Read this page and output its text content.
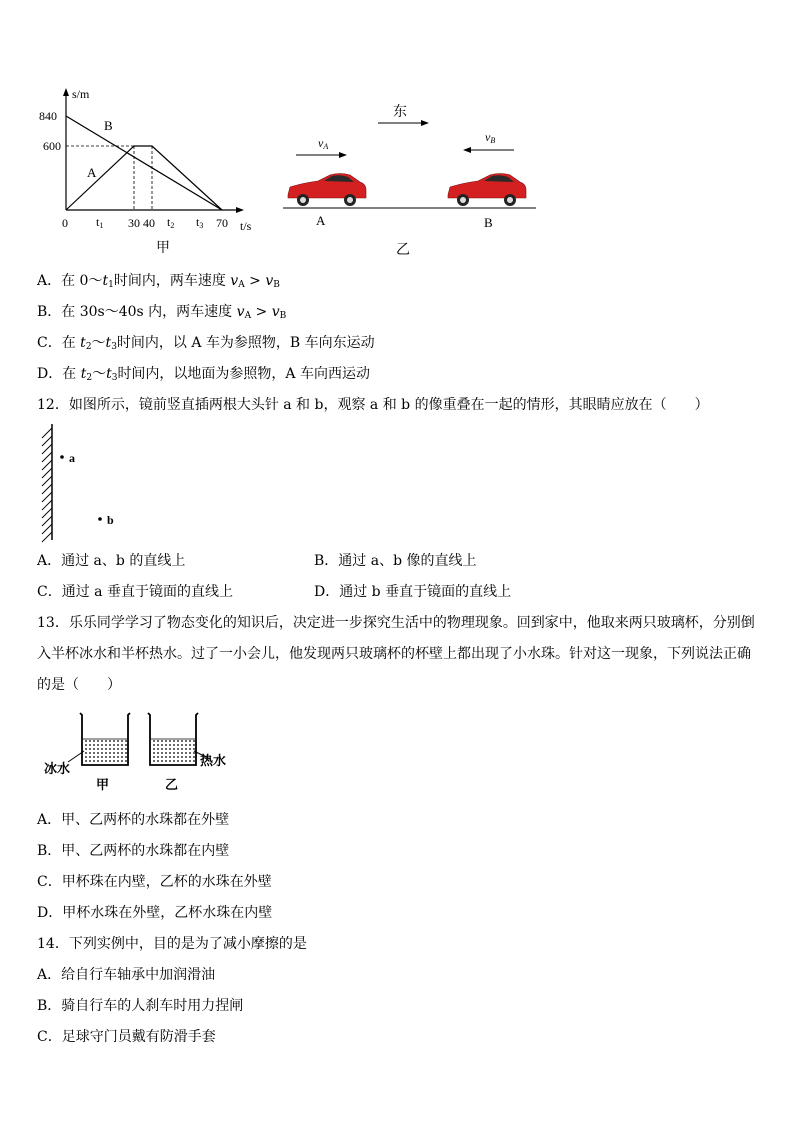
s/m
840
600
B
A
0 t1 30 40 t2 t3 70 t/s
甲
东
vA
vB
A	B
乙
A．在 $0\sim t_1$时间内，两车速度 $v_A > v_B$
B．在 30s～40s 内，两车速度 $v_A > v_B$
C．在 $t_2\sim t_3$时间内，以 A 车为参照物，B 车向东运动
D．在 $t_2\sim t_3$时间内，以地面为参照物，A 车向西运动
12．如图所示，镜前竖直插两根大头针 a 和 b，观察 a 和 b 的像重叠在一起的情形，其眼睛应放在（　　）
a
b
A．通过 a、b 的直线上	B．通过 a、b 像的直线上
C．通过 a 垂直于镜面的直线上	D．通过 b 垂直于镜面的直线上
13．乐乐同学学习了物态变化的知识后，决定进一步探究生活中的物理现象。回到家中，他取来两只玻璃杯，分别倒入半杯冰水和半杯热水。过了一小会儿，他发现两只玻璃杯的杯壁上都出现了小水珠。针对这一现象，下列说法正确的是（　　）
冰水
热水
甲	乙
A．甲、乙两杯的水珠都在外壁
B．甲、乙两杯的水珠都在内壁
C．甲杯珠在内壁，乙杯的水珠在外壁
D．甲杯水珠在外壁，乙杯水珠在内壁
14．下列实例中，目的是为了减小摩擦的是
A．给自行车轴承中加润滑油
B．骑自行车的人刹车时用力捏闸
C．足球守门员戴有防滑手套
